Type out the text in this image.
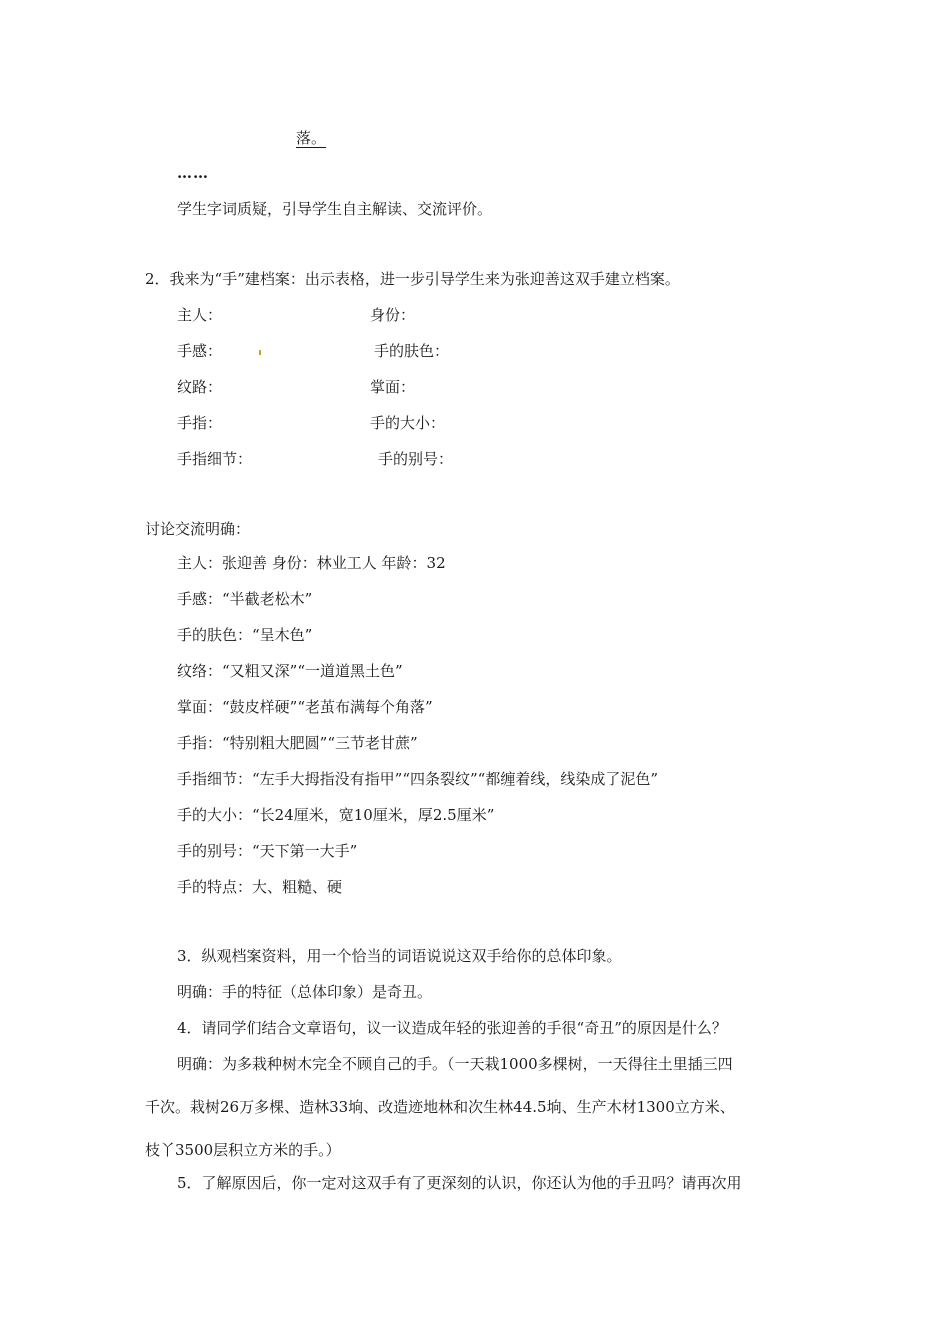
落。
……
学生字词质疑，引导学生自主解读、交流评价。
2．我来为“手”建档案：出示表格，进一步引导学生来为张迎善这双手建立档案。
主人：	身份：
手感：	手的肤色：
纹路：	掌面：
手指：	手的大小：
手指细节：	手的别号：
讨论交流明确：
主人：张迎善 身份：林业工人 年龄：32
手感：“半截老松木”
手的肤色：“呈木色”
纹络：“又粗又深”“一道道黑土色”
掌面：“鼓皮样硬”“老茧布满每个角落”
手指：“特别粗大肥圆”“三节老甘蔗”
手指细节：“左手大拇指没有指甲”“四条裂纹”“都缠着线，线染成了泥色”
手的大小：“长24厘米，宽10厘米，厚2.5厘米”
手的别号：“天下第一大手”
手的特点：大、粗糙、硬
3．纵观档案资料，用一个恰当的词语说说这双手给你的总体印象。
明确：手的特征（总体印象）是奇丑。
4．请同学们结合文章语句，议一议造成年轻的张迎善的手很“奇丑”的原因是什么？
明确：为多栽种树木完全不顾自己的手。（一天栽1000多棵树，一天得往土里插三四
千次。栽树26万多棵、造林33垧、改造迹地林和次生林44.5垧、生产木材1300立方米、
枝丫3500层积立方米的手。）
5．了解原因后，你一定对这双手有了更深刻的认识，你还认为他的手丑吗？请再次用
